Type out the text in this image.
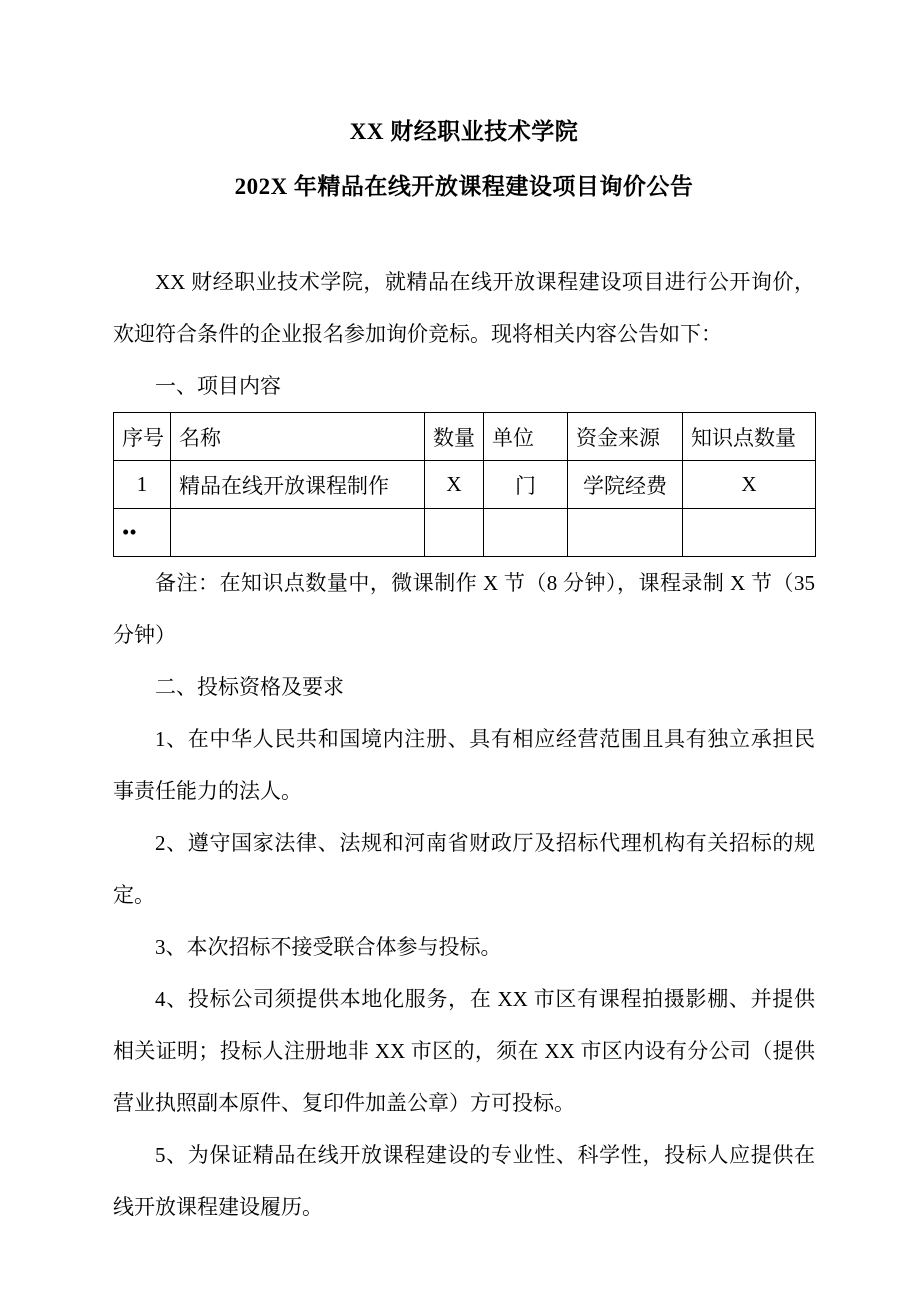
XX 财经职业技术学院
202X 年精品在线开放课程建设项目询价公告

XX 财经职业技术学院，就精品在线开放课程建设项目进行公开询价，欢迎符合条件的企业报名参加询价竞标。现将相关内容公告如下：

一、项目内容

序号	名称	数量	单位	资金来源	知识点数量
1	精品在线开放课程制作	X	门	学院经费	X
••					

备注：在知识点数量中，微课制作 X 节（8 分钟），课程录制 X 节（35 分钟）

二、投标资格及要求

1、在中华人民共和国境内注册、具有相应经营范围且具有独立承担民事责任能力的法人。

2、遵守国家法律、法规和河南省财政厅及招标代理机构有关招标的规定。

3、本次招标不接受联合体参与投标。

4、投标公司须提供本地化服务，在 XX 市区有课程拍摄影棚、并提供相关证明；投标人注册地非 XX 市区的，须在 XX 市区内设有分公司（提供营业执照副本原件、复印件加盖公章）方可投标。

5、为保证精品在线开放课程建设的专业性、科学性，投标人应提供在线开放课程建设履历。
